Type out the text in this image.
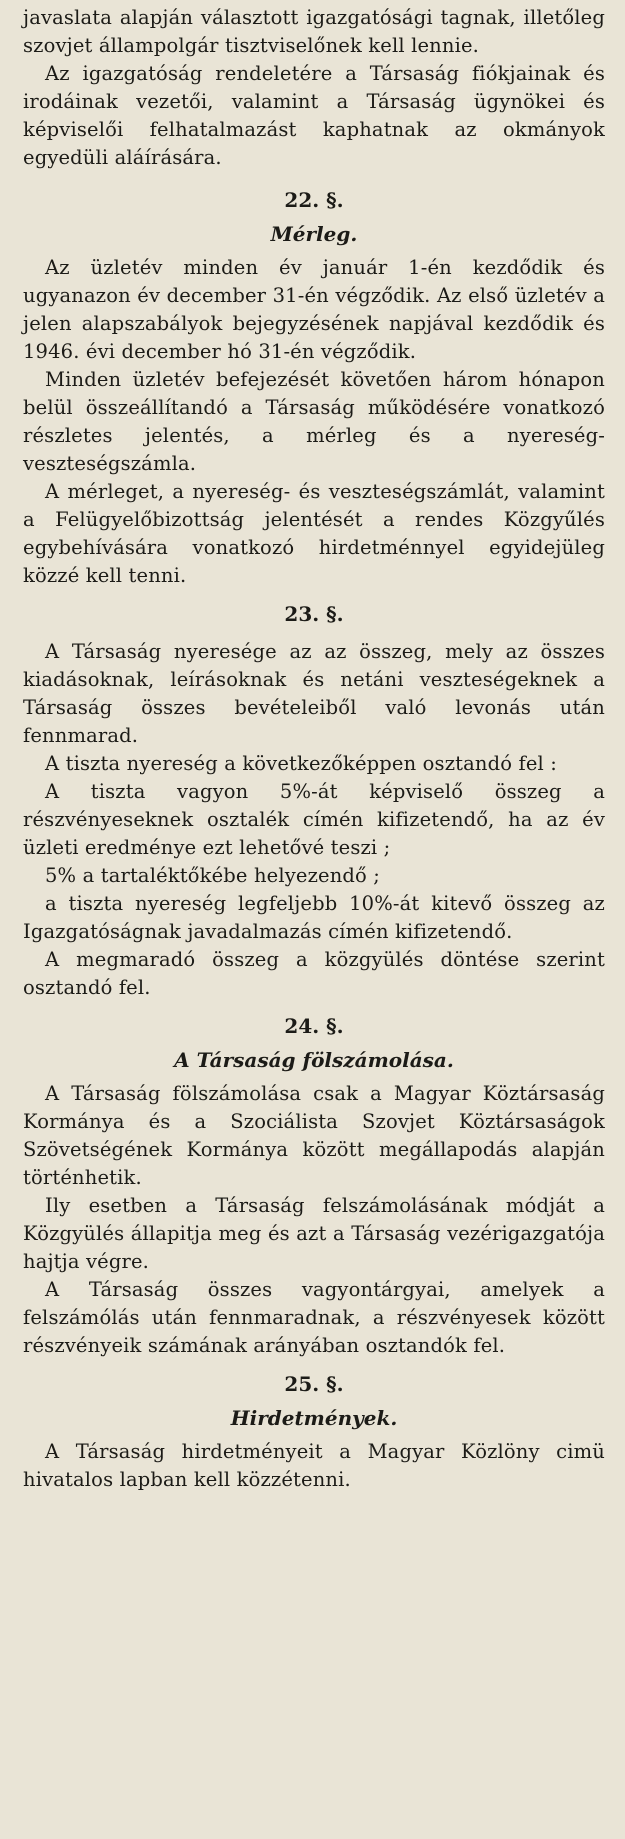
javaslata alapján választott igazgatósági tagnak, illetőleg szovjet állampolgár tisztviselőnek kell lennie.

Az igazgatóság rendeletére a Társaság fiókjainak és irodáinak vezetői, valamint a Társaság ügynökei és képviselői felhatalmazást kaphatnak az okmányok egyedüli aláírására.

22. §.

Mérleg.

Az üzletév minden év január 1-én kezdődik és ugyanazon év december 31-én végződik. Az első üzletév a jelen alapszabályok bejegyzésének napjával kezdődik és 1946. évi december hó 31-én végződik.

Minden üzletév befejezését követően három hónapon belül összeállítandó a Társaság működésére vonatkozó részletes jelentés, a mérleg és a nyereség-veszteségszámla.

A mérleget, a nyereség- és veszteségszámlát, valamint a Felügyelőbizottság jelentését a rendes Közgyűlés egybehívására vonatkozó hirdetménnyel egyidejüleg közzé kell tenni.

23. §.

A Társaság nyeresége az az összeg, mely az összes kiadásoknak, leírásoknak és netáni veszteségeknek a Társaság összes bevételeiből való levonás után fennmarad.

A tiszta nyereség a következőképpen osztandó fel :

A tiszta vagyon 5%-át képviselő összeg a részvényeseknek osztalék címén kifizetendő, ha az év üzleti eredménye ezt lehetővé teszi ;

5% a tartaléktőkébe helyezendő ;

a tiszta nyereség legfeljebb 10%-át kitevő összeg az Igazgatóságnak javadalmazás címén kifizetendő.

A megmaradó összeg a közgyülés döntése szerint osztandó fel.

24. §.

A Társaság fölszámolása.

A Társaság fölszámolása csak a Magyar Köztársaság Kormánya és a Szociálista Szovjet Köztársaságok Szövetségének Kormánya között megállapodás alapján történhetik.

Ily esetben a Társaság felszámolásának módját a Közgyülés állapitja meg és azt a Társaság vezérigazgatója hajtja végre.

A Társaság összes vagyontárgyai, amelyek a felszámólás után fennmaradnak, a részvényesek között részvényeik számának arányában osztandók fel.

25. §.

Hirdetmények.

A Társaság hirdetményeit a Magyar Közlöny cimü hivatalos lapban kell közzétenni.
